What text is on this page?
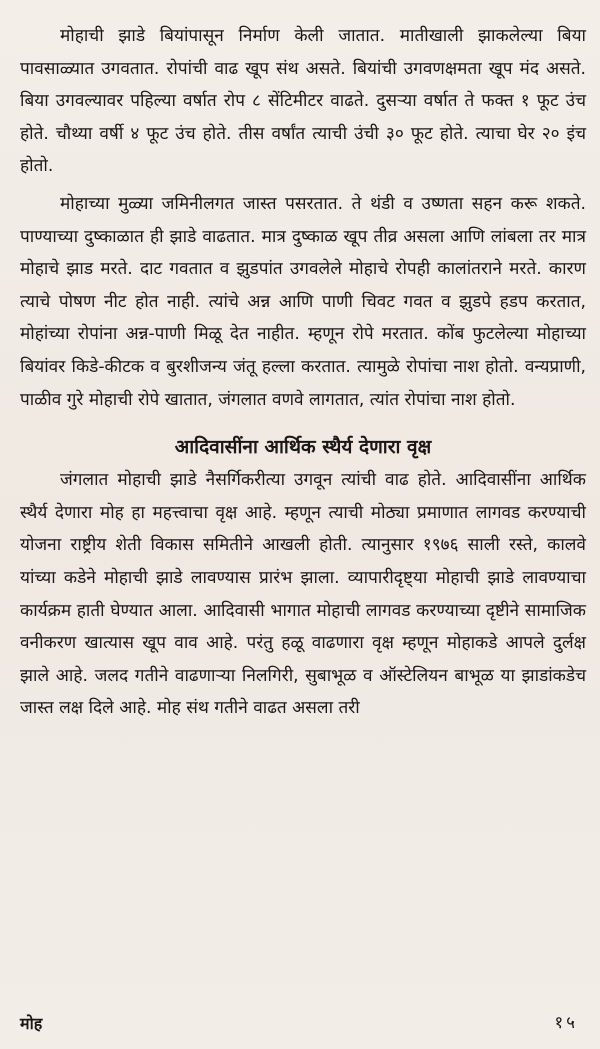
मोहाची झाडे बियांपासून निर्माण केली जातात. मातीखाली झाकलेल्या बिया पावसाळ्यात उगवतात. रोपांची वाढ खूप संथ असते. बियांची उगवणक्षमता खूप मंद असते. बिया उगवल्यावर पहिल्या वर्षात रोप ८ सेंटिमीटर वाढते. दुसऱ्या वर्षात ते फक्त १ फूट उंच होते. चौथ्या वर्षी ४ फूट उंच होते. तीस वर्षांत त्याची उंची ३० फूट होते. त्याचा घेर २० इंच होतो.

मोहाच्या मुळ्या जमिनीलगत जास्त पसरतात. ते थंडी व उष्णता सहन करू शकते. पाण्याच्या दुष्काळात ही झाडे वाढतात. मात्र दुष्काळ खूप तीव्र असला आणि लांबला तर मात्र मोहाचे झाड मरते. दाट गवतात व झुडपांत उगवलेले मोहाचे रोपही कालांतराने मरते. कारण त्याचे पोषण नीट होत नाही. त्यांचे अन्न आणि पाणी चिवट गवत व झुडपे हडप करतात, मोहांच्या रोपांना अन्न-पाणी मिळू देत नाहीत. म्हणून रोपे मरतात. कोंब फुटलेल्या मोहाच्या बियांवर किडे-कीटक व बुरशीजन्य जंतू हल्ला करतात. त्यामुळे रोपांचा नाश होतो. वन्यप्राणी, पाळीव गुरे मोहाची रोपे खातात, जंगलात वणवे लागतात, त्यांत रोपांचा नाश होतो.

आदिवासींना आर्थिक स्थैर्य देणारा वृक्ष

जंगलात मोहाची झाडे नैसर्गिकरीत्या उगवून त्यांची वाढ होते. आदिवासींना आर्थिक स्थैर्य देणारा मोह हा महत्त्वाचा वृक्ष आहे. म्हणून त्याची मोठ्या प्रमाणात लागवड करण्याची योजना राष्ट्रीय शेती विकास समितीने आखली होती. त्यानुसार १९७६ साली रस्ते, कालवे यांच्या कडेने मोहाची झाडे लावण्यास प्रारंभ झाला. व्यापारीदृष्ट्या मोहाची झाडे लावण्याचा कार्यक्रम हाती घेण्यात आला. आदिवासी भागात मोहाची लागवड करण्याच्या दृष्टीने सामाजिक वनीकरण खात्यास खूप वाव आहे. परंतु हळू वाढणारा वृक्ष म्हणून मोहाकडे आपले दुर्लक्ष झाले आहे. जलद गतीने वाढणाऱ्या निलगिरी, सुबाभूळ व ऑस्टेलियन बाभूळ या झाडांकडेच जास्त लक्ष दिले आहे. मोह संथ गतीने वाढत असला तरी

मोह	१५
